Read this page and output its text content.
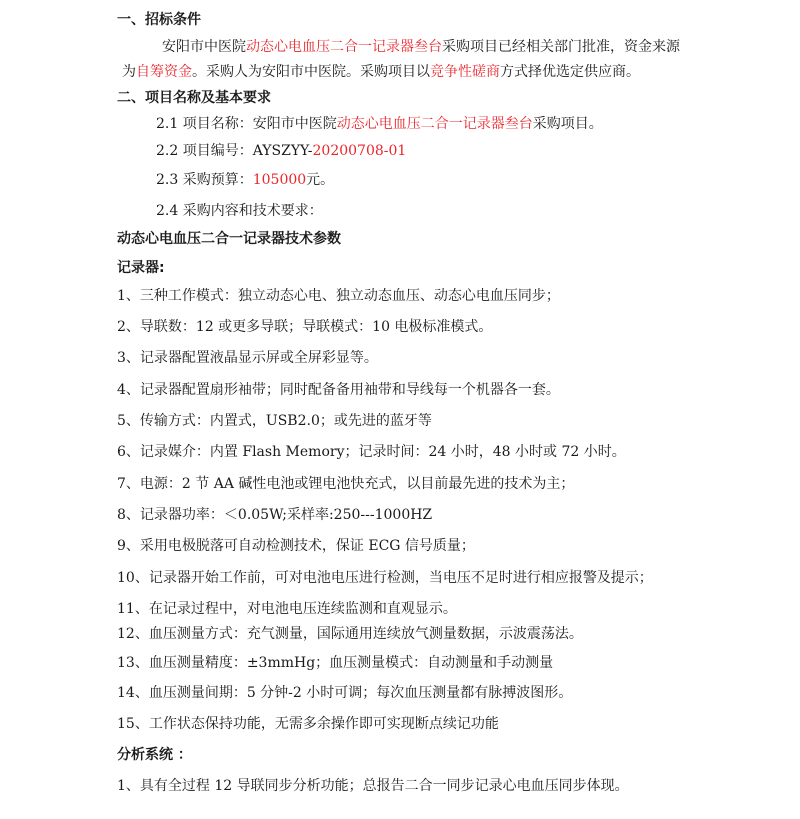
一、招标条件
安阳市中医院动态心电血压二合一记录器叁台采购项目已经相关部门批准，资金来源
为自筹资金。采购人为安阳市中医院。采购项目以竞争性磋商方式择优选定供应商。
二、项目名称及基本要求
2.1 项目名称：安阳市中医院动态心电血压二合一记录器叁台采购项目。
2.2 项目编号：AYSZYY-20200708-01
2.3 采购预算：105000元。
2.4 采购内容和技术要求：
动态心电血压二合一记录器技术参数
记录器:
1、三种工作模式：独立动态心电、独立动态血压、动态心电血压同步；
2、导联数：12 或更多导联；导联模式：10 电极标准模式。
3、记录器配置液晶显示屏或全屏彩显等。
4、记录器配置扇形袖带；同时配备备用袖带和导线每一个机器各一套。
5、传输方式：内置式，USB2.0；或先进的蓝牙等
6、记录媒介：内置 Flash Memory；记录时间：24 小时，48 小时或 72 小时。
7、电源：2 节 AA 碱性电池或锂电池快充式，以目前最先进的技术为主；
8、记录器功率：＜0.05W;采样率:250---1000HZ
9、采用电极脱落可自动检测技术，保证 ECG 信号质量；
10、记录器开始工作前，可对电池电压进行检测，当电压不足时进行相应报警及提示；
11、在记录过程中，对电池电压连续监测和直观显示。
12、血压测量方式：充气测量，国际通用连续放气测量数据，示波震荡法。
13、血压测量精度：±3mmHg；血压测量模式：自动测量和手动测量
14、血压测量间期：5 分钟-2 小时可调；每次血压测量都有脉搏波图形。
15、工作状态保持功能，无需多余操作即可实现断点续记功能
分析系统 ：
1、具有全过程 12 导联同步分析功能；总报告二合一同步记录心电血压同步体现。
